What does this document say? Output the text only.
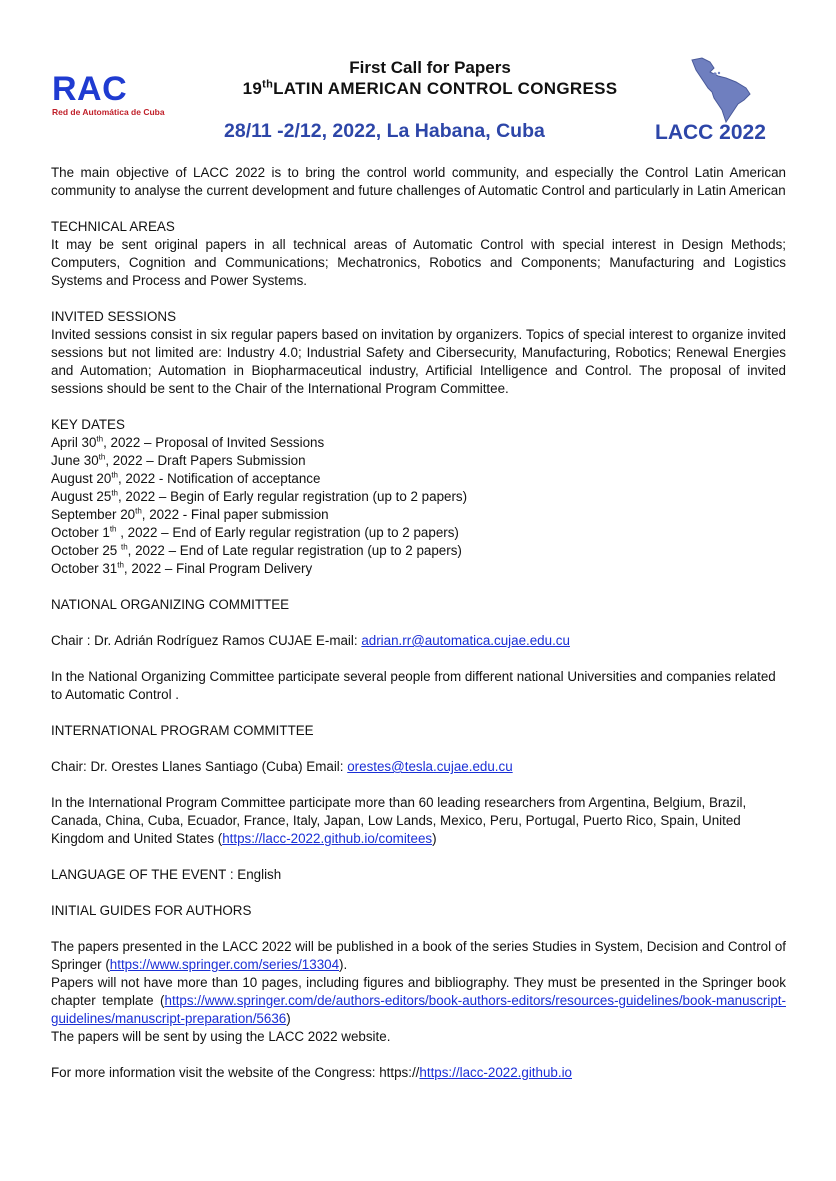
RAC
Red de Automática de Cuba
First Call for Papers
19thLATIN AMERICAN CONTROL CONGRESS
28/11 -2/12, 2022, La Habana, Cuba	LACC 2022
The main objective of LACC 2022 is to bring the control world community, and especially the Control Latin American community to analyse the current development and future challenges of Automatic Control and particularly in Latin American
TECHNICAL AREAS
It may be sent original papers in all technical areas of Automatic Control with special interest in Design Methods; Computers, Cognition and Communications; Mechatronics, Robotics and Components; Manufacturing and Logistics Systems and Process and Power Systems.
INVITED SESSIONS
Invited sessions consist in six regular papers based on invitation by organizers. Topics of special interest to organize invited sessions but not limited are: Industry 4.0; Industrial Safety and Cibersecurity, Manufacturing, Robotics; Renewal Energies and Automation; Automation in Biopharmaceutical industry, Artificial Intelligence and Control. The proposal of invited sessions should be sent to the Chair of the International Program Committee.
KEY DATES
April 30th, 2022 – Proposal of Invited Sessions
June 30th, 2022 – Draft Papers Submission
August 20th, 2022 - Notification of acceptance
August 25th, 2022 – Begin of Early regular registration (up to 2 papers)
September 20th, 2022 - Final paper submission
October 1th , 2022 – End of Early regular registration (up to 2 papers)
October 25 $^{th}$, 2022 – End of Late regular registration (up to 2 papers)
October 31th, 2022 – Final Program Delivery
NATIONAL ORGANIZING COMMITTEE
Chair : Dr. Adrián Rodríguez Ramos CUJAE E-mail: adrian.rr@automatica.cujae.edu.cu
In the National Organizing Committee participate several people from different national Universities and companies related to Automatic Control .
INTERNATIONAL PROGRAM COMMITTEE
Chair: Dr. Orestes Llanes Santiago (Cuba) Email: orestes@tesla.cujae.edu.cu
In the International Program Committee participate more than 60 leading researchers from Argentina, Belgium, Brazil, Canada, China, Cuba, Ecuador, France, Italy, Japan, Low Lands, Mexico, Peru, Portugal, Puerto Rico, Spain, United Kingdom and United States (https://lacc-2022.github.io/comitees)
LANGUAGE OF THE EVENT : English
INITIAL GUIDES FOR AUTHORS
The papers presented in the LACC 2022 will be published in a book of the series Studies in System, Decision and Control of Springer (https://www.springer.com/series/13304).
Papers will not have more than 10 pages, including figures and bibliography. They must be presented in the Springer book chapter template (https://www.springer.com/de/authors-editors/book-authors-editors/resources-guidelines/book-manuscript-guidelines/manuscript-preparation/5636)
The papers will be sent by using the LACC 2022 website.
For more information visit the website of the Congress: https://https://lacc-2022.github.io
